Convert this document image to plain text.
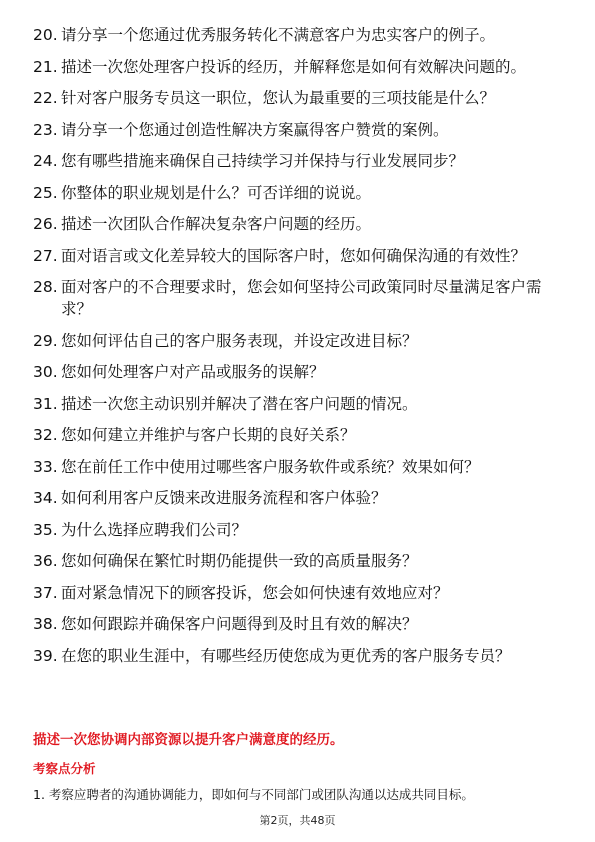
20. 请分享一个您通过优秀服务转化不满意客户为忠实客户的例子。
21. 描述一次您处理客户投诉的经历，并解释您是如何有效解决问题的。
22. 针对客户服务专员这一职位，您认为最重要的三项技能是什么？
23. 请分享一个您通过创造性解决方案赢得客户赞赏的案例。
24. 您有哪些措施来确保自己持续学习并保持与行业发展同步？
25. 你整体的职业规划是什么？可否详细的说说。
26. 描述一次团队合作解决复杂客户问题的经历。
27. 面对语言或文化差异较大的国际客户时，您如何确保沟通的有效性？
28. 面对客户的不合理要求时，您会如何坚持公司政策同时尽量满足客户需求？
29. 您如何评估自己的客户服务表现，并设定改进目标？
30. 您如何处理客户对产品或服务的误解？
31. 描述一次您主动识别并解决了潜在客户问题的情况。
32. 您如何建立并维护与客户长期的良好关系？
33. 您在前任工作中使用过哪些客户服务软件或系统？效果如何？
34. 如何利用客户反馈来改进服务流程和客户体验？
35. 为什么选择应聘我们公司？
36. 您如何确保在繁忙时期仍能提供一致的高质量服务？
37. 面对紧急情况下的顾客投诉，您会如何快速有效地应对？
38. 您如何跟踪并确保客户问题得到及时且有效的解决？
39. 在您的职业生涯中，有哪些经历使您成为更优秀的客户服务专员？
描述一次您协调内部资源以提升客户满意度的经历。
考察点分析
1. 考察应聘者的沟通协调能力，即如何与不同部门或团队沟通以达成共同目标。
第2页，共48页
